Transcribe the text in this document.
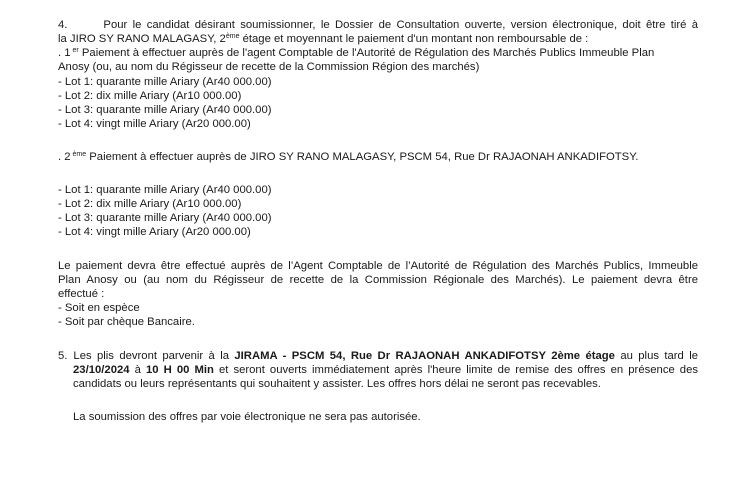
4.	Pour le candidat désirant soumissionner, le Dossier de Consultation ouverte, version électronique, doit être tiré à
la JIRO SY RANO MALAGASY, 2ème étage et moyennant le paiement d'un montant non remboursable de :
. 1 $^{er}$ Paiement à effectuer auprès de l'agent Comptable de l'Autorité de Régulation des Marchés Publics Immeuble Plan
Anosy (ou, au nom du Régisseur de recette de la Commission Région des marchés)
- Lot 1: quarante mille Ariary (Ar40 000.00)
- Lot 2: dix mille Ariary (Ar10 000.00)
- Lot 3: quarante mille Ariary (Ar40 000.00)
- Lot 4: vingt mille Ariary (Ar20 000.00)
. 2 $^{ème}$ Paiement à effectuer auprès de JIRO SY RANO MALAGASY, PSCM 54, Rue Dr RAJAONAH ANKADIFOTSY.
- Lot 1: quarante mille Ariary (Ar40 000.00)
- Lot 2: dix mille Ariary (Ar10 000.00)
- Lot 3: quarante mille Ariary (Ar40 000.00)
- Lot 4: vingt mille Ariary (Ar20 000.00)
Le paiement devra être effectué auprès de l’Agent Comptable de l’Autorité de Régulation des Marchés Publics, Immeuble
Plan Anosy ou (au nom du Régisseur de recette de la Commission Régionale des Marchés). Le paiement devra être
effectué :
- Soit en espèce
- Soit par chèque Bancaire.
5. Les plis devront parvenir à la JIRAMA - PSCM 54, Rue Dr RAJAONAH ANKADIFOTSY 2ème étage au plus tard le
23/10/2024 à 10 H 00 Min et seront ouverts immédiatement après l'heure limite de remise des offres en présence des
candidats ou leurs représentants qui souhaitent y assister. Les offres hors délai ne seront pas recevables.
La soumission des offres par voie électronique ne sera pas autorisée.
